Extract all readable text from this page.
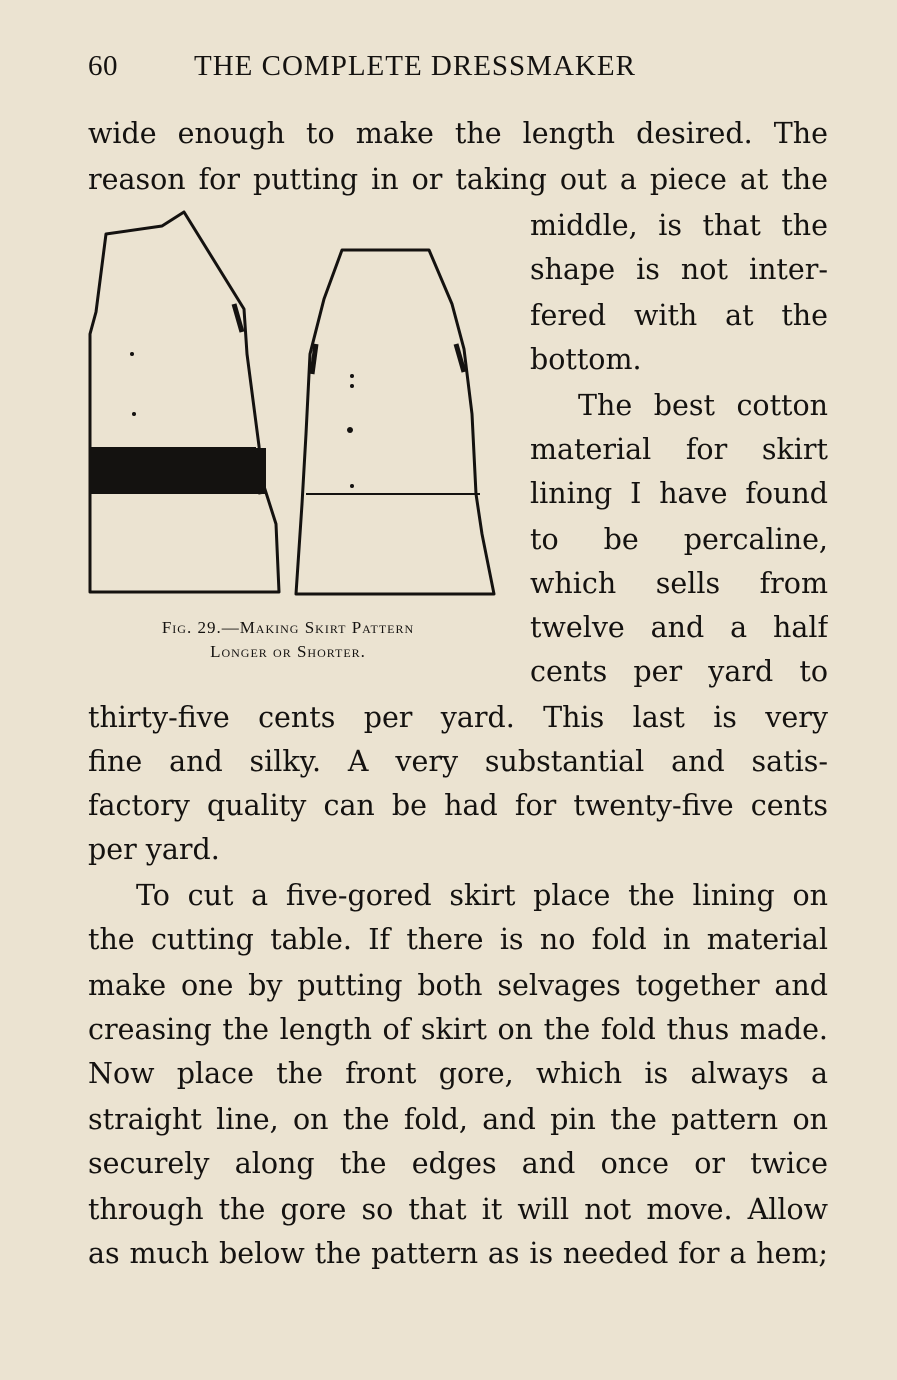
60	THE COMPLETE DRESSMAKER
wide enough to make the length desired. The
reason for putting in or taking out a piece at the
middle, is that the
shape is not inter-
fered with at the
bottom.
The best cotton
material for skirt
lining I have found
to be percaline,
which sells from
twelve and a half
cents per yard to
Fig. 29.—Making Skirt Pattern
Longer or Shorter.
thirty-five cents per yard. This last is very
fine and silky. A very substantial and satis-
factory quality can be had for twenty-five cents
per yard.
To cut a five-gored skirt place the lining on
the cutting table. If there is no fold in material
make one by putting both selvages together and
creasing the length of skirt on the fold thus made.
Now place the front gore, which is always a
straight line, on the fold, and pin the pattern on
securely along the edges and once or twice
through the gore so that it will not move. Allow
as much below the pattern as is needed for a hem;
